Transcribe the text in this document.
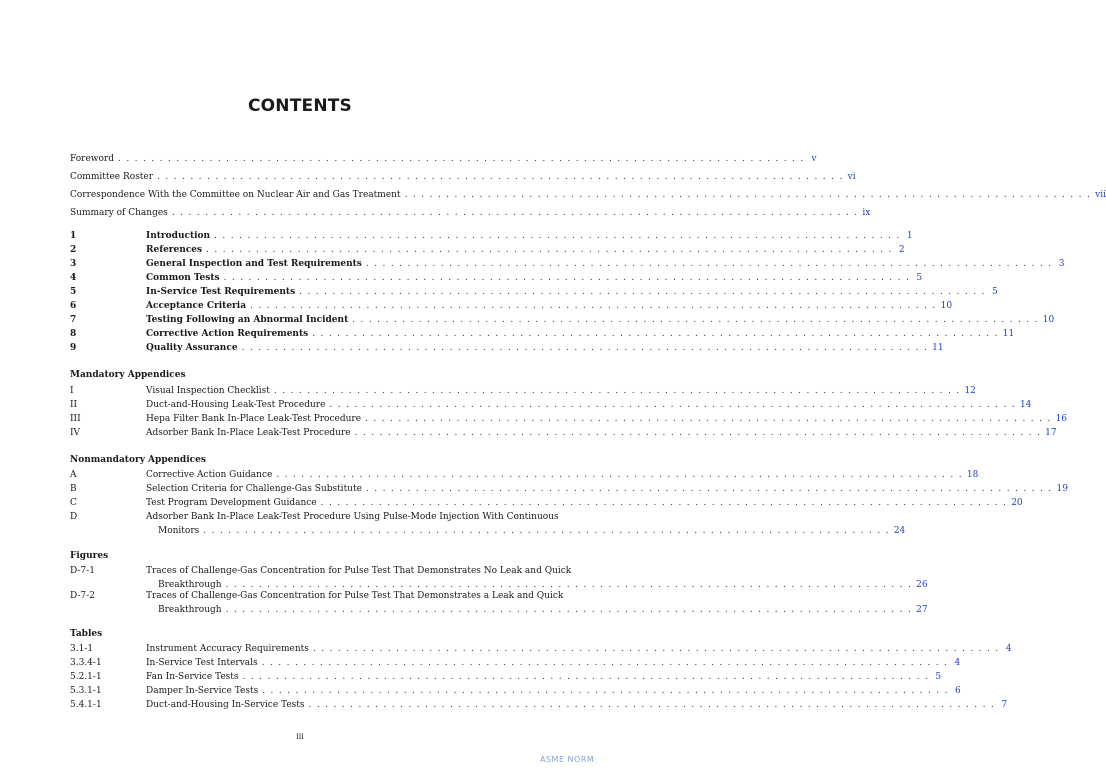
CONTENTS
Foreword . . . . . . . . . . . . . . . . . . . . . . . . . . . . . . . . . . . . . . . . . . . . . . . . . . . . . . . . . . . . . . . . . . . . . . . . . . . . . . . . . . . v
Committee Roster . . . . . . . . . . . . . . . . . . . . . . . . . . . . . . . . . . . . . . . . . . . . . . . . . . . . . . . . . . . . . . . . . . . . . . . . . . . . . . . . . . . vi
Correspondence With the Committee on Nuclear Air and Gas Treatment . . . . . . . . . . . . . . . . . . . . . . . . . . . . . . . . . . . . . . . . . . . . . . . . . . . . . . . . . . . . . . . . . . . . . . . . . . . . . . . . . . . vii
Summary of Changes . . . . . . . . . . . . . . . . . . . . . . . . . . . . . . . . . . . . . . . . . . . . . . . . . . . . . . . . . . . . . . . . . . . . . . . . . . . . . . . . . . . ix
1	Introduction . . . . . . . . . . . . . . . . . . . . . . . . . . . . . . . . . . . . . . . . . . . . . . . . . . . . . . . . . . . . . . . . . . . . . . . . . . . . . . . . . . . 1
2	References . . . . . . . . . . . . . . . . . . . . . . . . . . . . . . . . . . . . . . . . . . . . . . . . . . . . . . . . . . . . . . . . . . . . . . . . . . . . . . . . . . . 2
3	General Inspection and Test Requirements . . . . . . . . . . . . . . . . . . . . . . . . . . . . . . . . . . . . . . . . . . . . . . . . . . . . . . . . . . . . . . . . . . . . . . . . . . . . . . . . . . . 3
4	Common Tests . . . . . . . . . . . . . . . . . . . . . . . . . . . . . . . . . . . . . . . . . . . . . . . . . . . . . . . . . . . . . . . . . . . . . . . . . . . . . . . . . . . 5
5	In-Service Test Requirements . . . . . . . . . . . . . . . . . . . . . . . . . . . . . . . . . . . . . . . . . . . . . . . . . . . . . . . . . . . . . . . . . . . . . . . . . . . . . . . . . . . 5
6	Acceptance Criteria . . . . . . . . . . . . . . . . . . . . . . . . . . . . . . . . . . . . . . . . . . . . . . . . . . . . . . . . . . . . . . . . . . . . . . . . . . . . . . . . . . . 10
7	Testing Following an Abnormal Incident . . . . . . . . . . . . . . . . . . . . . . . . . . . . . . . . . . . . . . . . . . . . . . . . . . . . . . . . . . . . . . . . . . . . . . . . . . . . . . . . . . . 10
8	Corrective Action Requirements . . . . . . . . . . . . . . . . . . . . . . . . . . . . . . . . . . . . . . . . . . . . . . . . . . . . . . . . . . . . . . . . . . . . . . . . . . . . . . . . . . . 11
9	Quality Assurance . . . . . . . . . . . . . . . . . . . . . . . . . . . . . . . . . . . . . . . . . . . . . . . . . . . . . . . . . . . . . . . . . . . . . . . . . . . . . . . . . . . 11
Mandatory Appendices
I	Visual Inspection Checklist . . . . . . . . . . . . . . . . . . . . . . . . . . . . . . . . . . . . . . . . . . . . . . . . . . . . . . . . . . . . . . . . . . . . . . . . . . . . . . . . . . . 12
II	Duct-and-Housing Leak-Test Procedure . . . . . . . . . . . . . . . . . . . . . . . . . . . . . . . . . . . . . . . . . . . . . . . . . . . . . . . . . . . . . . . . . . . . . . . . . . . . . . . . . . . 14
III	Hepa Filter Bank In-Place Leak-Test Procedure . . . . . . . . . . . . . . . . . . . . . . . . . . . . . . . . . . . . . . . . . . . . . . . . . . . . . . . . . . . . . . . . . . . . . . . . . . . . . . . . . . . 16
IV	Adsorber Bank In-Place Leak-Test Procedure . . . . . . . . . . . . . . . . . . . . . . . . . . . . . . . . . . . . . . . . . . . . . . . . . . . . . . . . . . . . . . . . . . . . . . . . . . . . . . . . . . . 17
Nonmandatory Appendices
A	Corrective Action Guidance . . . . . . . . . . . . . . . . . . . . . . . . . . . . . . . . . . . . . . . . . . . . . . . . . . . . . . . . . . . . . . . . . . . . . . . . . . . . . . . . . . . 18
B	Selection Criteria for Challenge-Gas Substitute . . . . . . . . . . . . . . . . . . . . . . . . . . . . . . . . . . . . . . . . . . . . . . . . . . . . . . . . . . . . . . . . . . . . . . . . . . . . . . . . . . . 19
C	Test Program Development Guidance . . . . . . . . . . . . . . . . . . . . . . . . . . . . . . . . . . . . . . . . . . . . . . . . . . . . . . . . . . . . . . . . . . . . . . . . . . . . . . . . . . . 20
D	Adsorber Bank In-Place Leak-Test Procedure Using Pulse-Mode Injection With Continuous
Monitors . . . . . . . . . . . . . . . . . . . . . . . . . . . . . . . . . . . . . . . . . . . . . . . . . . . . . . . . . . . . . . . . . . . . . . . . . . . . . . . . . . . 24
Figures
D-7-1	Traces of Challenge-Gas Concentration for Pulse Test That Demonstrates No Leak and Quick
Breakthrough . . . . . . . . . . . . . . . . . . . . . . . . . . . . . . . . . . . . . . . . . . . . . . . . . . . . . . . . . . . . . . . . . . . . . . . . . . . . . . . . . . . 26
D-7-2	Traces of Challenge-Gas Concentration for Pulse Test That Demonstrates a Leak and Quick
Breakthrough . . . . . . . . . . . . . . . . . . . . . . . . . . . . . . . . . . . . . . . . . . . . . . . . . . . . . . . . . . . . . . . . . . . . . . . . . . . . . . . . . . . 27
Tables
3.1-1	Instrument Accuracy Requirements . . . . . . . . . . . . . . . . . . . . . . . . . . . . . . . . . . . . . . . . . . . . . . . . . . . . . . . . . . . . . . . . . . . . . . . . . . . . . . . . . . . 4
3.3.4-1	In-Service Test Intervals . . . . . . . . . . . . . . . . . . . . . . . . . . . . . . . . . . . . . . . . . . . . . . . . . . . . . . . . . . . . . . . . . . . . . . . . . . . . . . . . . . . 4
5.2.1-1	Fan In-Service Tests . . . . . . . . . . . . . . . . . . . . . . . . . . . . . . . . . . . . . . . . . . . . . . . . . . . . . . . . . . . . . . . . . . . . . . . . . . . . . . . . . . . 5
5.3.1-1	Damper In-Service Tests . . . . . . . . . . . . . . . . . . . . . . . . . . . . . . . . . . . . . . . . . . . . . . . . . . . . . . . . . . . . . . . . . . . . . . . . . . . . . . . . . . . 6
5.4.1-1	Duct-and-Housing In-Service Tests . . . . . . . . . . . . . . . . . . . . . . . . . . . . . . . . . . . . . . . . . . . . . . . . . . . . . . . . . . . . . . . . . . . . . . . . . . . . . . . . . . . 7
iii
ASME NORM
